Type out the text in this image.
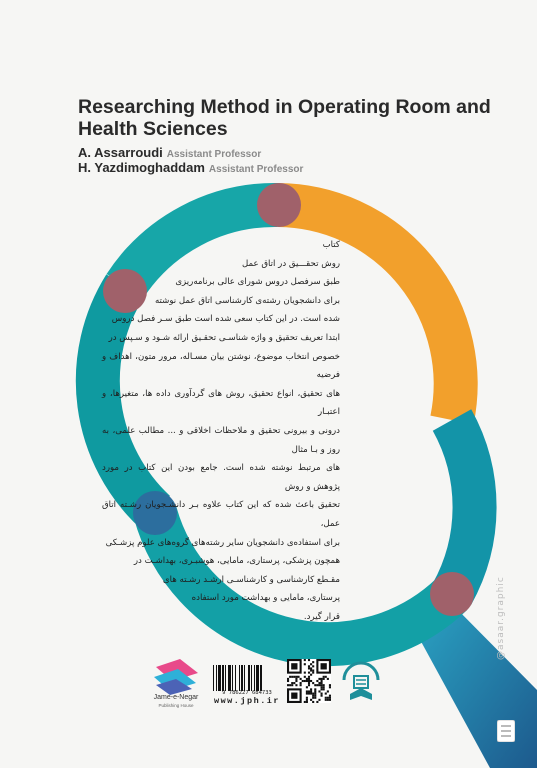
Researching Method in Operating Room and Health Sciences
A. Assarroudi Assistant Professor
H. Yazdimoghaddam Assistant Professor

کتاب
روش تحقـــیق در اتاق عمل
طبق سرفصل دروس شورای عالی برنامه‌ریزی
برای دانشجویان رشته‌ی کارشناسی اتاق عمل نوشته
شده است. در این کتاب سعی شده است طبق سـر فصل دروس
ابتدا تعریف تحقیق و واژه شناسـی تحقـیق ارائه شـود و سـپس در
خصوص انتخاب موضوع، نوشتن بیان مسـاله، مرور متون، اهداف و فرضیه
های تحقیق، انواع تحقیق، روش های گردآوری داده ها، متغیرها، و اعتبـار
درونی و بیرونی تحقیق و ملاحظات اخلاقی و ... مطالب علمی، به روز و بـا مثال
های مرتبط نوشته شده است. جامع بودن این کتاب در مورد پژوهش و روش
تحقیق باعث شده که این کتاب علاوه بـر دانشـجویان رشـته اتاق عمل،
برای استفاده‌ی دانشجویان سایر رشته‌های گروه‌های علوم پزشـکی
همچون پزشکی، پرستاری، مامایی، هوشبـری، بهداشـت در
مقـطع کارشناسی و کارشناسـی ارشـد رشـته های
پرستاری، مامایی و بهداشت مورد استفاده
قرار گیرد.	@asaar.graphic
Jame-e-Negar
Publishing House
9 786227 684733
www.jph.ir
